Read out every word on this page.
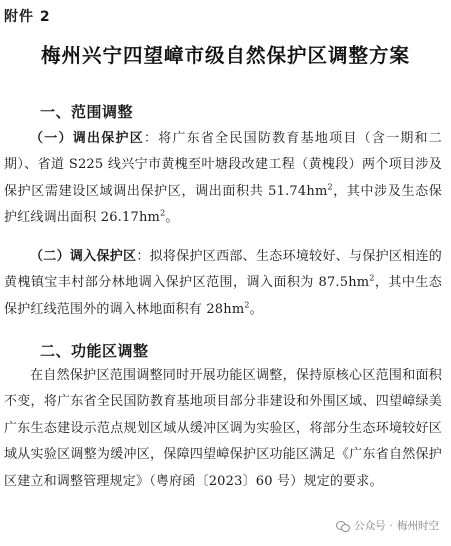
附件 2
梅州兴宁四望嶂市级自然保护区调整方案
一、范围调整
（一）调出保护区：将广东省全民国防教育基地项目（含一期和二期）、省道 S225 线兴宁市黄槐至叶塘段改建工程（黄槐段）两个项目涉及保护区需建设区域调出保护区，调出面积共 $51.74hm^2$，其中涉及生态保护红线调出面积 $26.17hm^2$。
（二）调入保护区：拟将保护区西部、生态环境较好、与保护区相连的黄槐镇宝丰村部分林地调入保护区范围，调入面积为 $87.5hm^2$，其中生态保护红线范围外的调入林地面积有 $28hm^2$。
二、功能区调整
在自然保护区范围调整同时开展功能区调整，保持原核心区范围和面积不变，将广东省全民国防教育基地项目部分非建设和外围区域、四望嶂绿美广东生态建设示范点规划区域从缓冲区调为实验区，将部分生态环境较好区域从实验区调整为缓冲区，保障四望嶂保护区功能区满足《广东省自然保护区建立和调整管理规定》（粤府函〔2023〕60 号）规定的要求。
公众号 · 梅州时空
